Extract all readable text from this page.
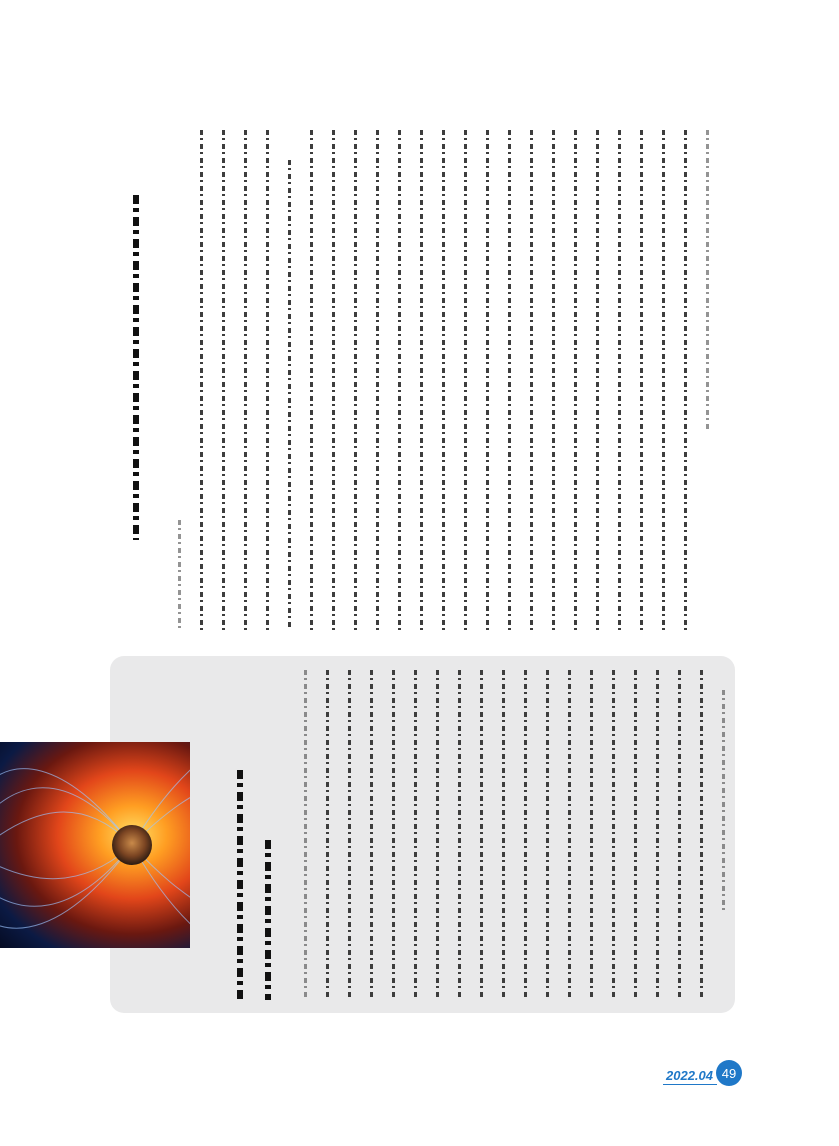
2022.04 49
